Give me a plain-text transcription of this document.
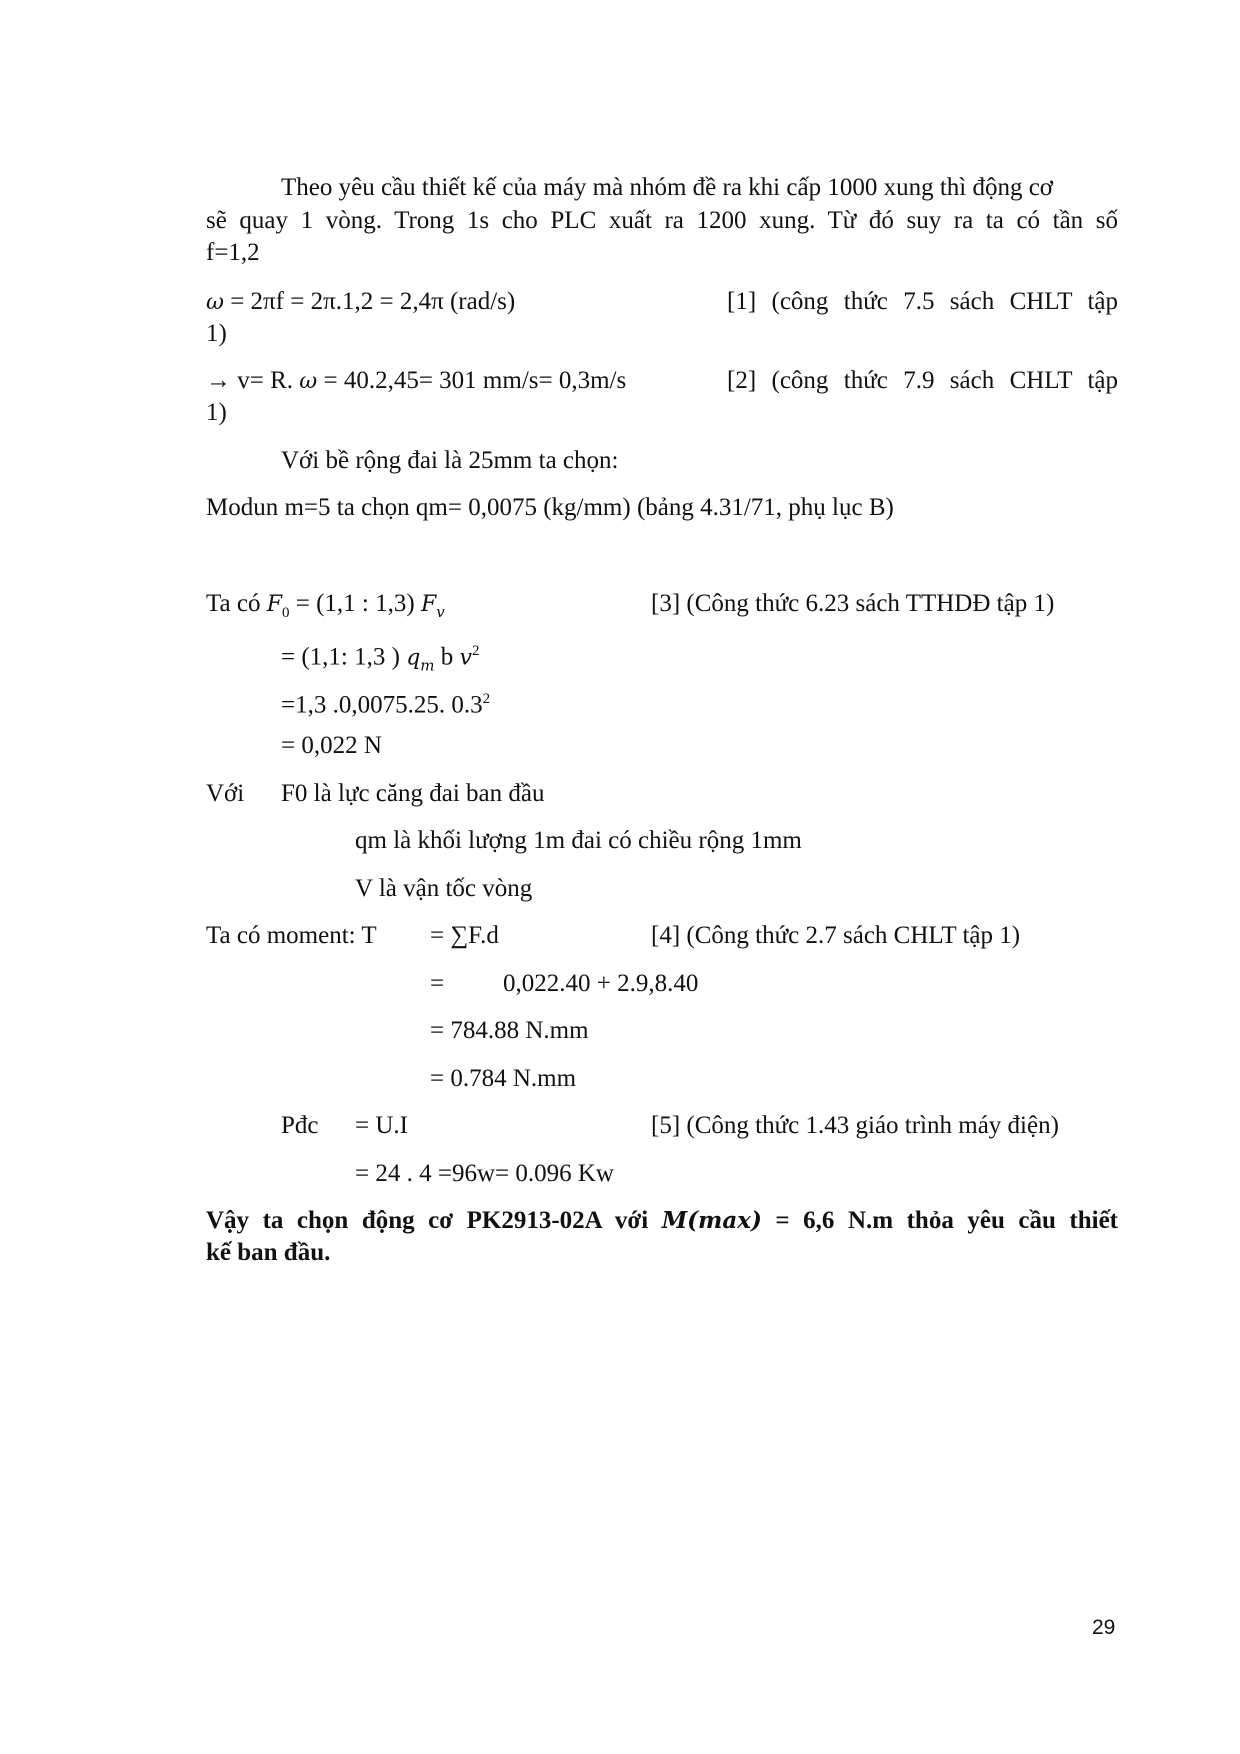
Theo yêu cầu thiết kế của máy mà nhóm đề ra khi cấp 1000 xung thì động cơ
sẽ quay 1 vòng. Trong 1s cho PLC xuất ra 1200 xung. Từ đó suy ra ta có tần số
f=1,2
ω = 2πf = 2π.1,2 = 2,4π (rad/s)	[1] (công thức 7.5 sách CHLT tập
1)
→ v= R. ω = 40.2,45= 301 mm/s= 0,3m/s	[2] (công thức 7.9 sách CHLT tập
1)
Với bề rộng đai là 25mm ta chọn:
Modun m=5 ta chọn qm= 0,0075 (kg/mm) (bảng 4.31/71, phụ lục B)
Ta có $F_0 = (1,1$ : 1,3) $F_v$	[3] (Công thức 6.23 sách TTHDĐ tập 1)
= (1,1: 1,3 ) $q_m$ b $v^2$
=1,3 .0,0075.25. $0.3^2$
= 0,022 N
Với F0 là lực căng đai ban đầu
qm là khối lượng 1m đai có chiều rộng 1mm
V là vận tốc vòng
Ta có moment: T = ∑F.d	[4] (Công thức 2.7 sách CHLT tập 1)
= 0,022.40 + 2.9,8.40
= 784.88 N.mm
= 0.784 N.mm
Pđc = U.I	[5] (Công thức 1.43 giáo trình máy điện)
= 24 . 4 =96w= 0.096 Kw
Vậy ta chọn động cơ PK2913-02A với M(max) = 6,6 N.m thỏa yêu cầu thiết
kế ban đầu.
29
